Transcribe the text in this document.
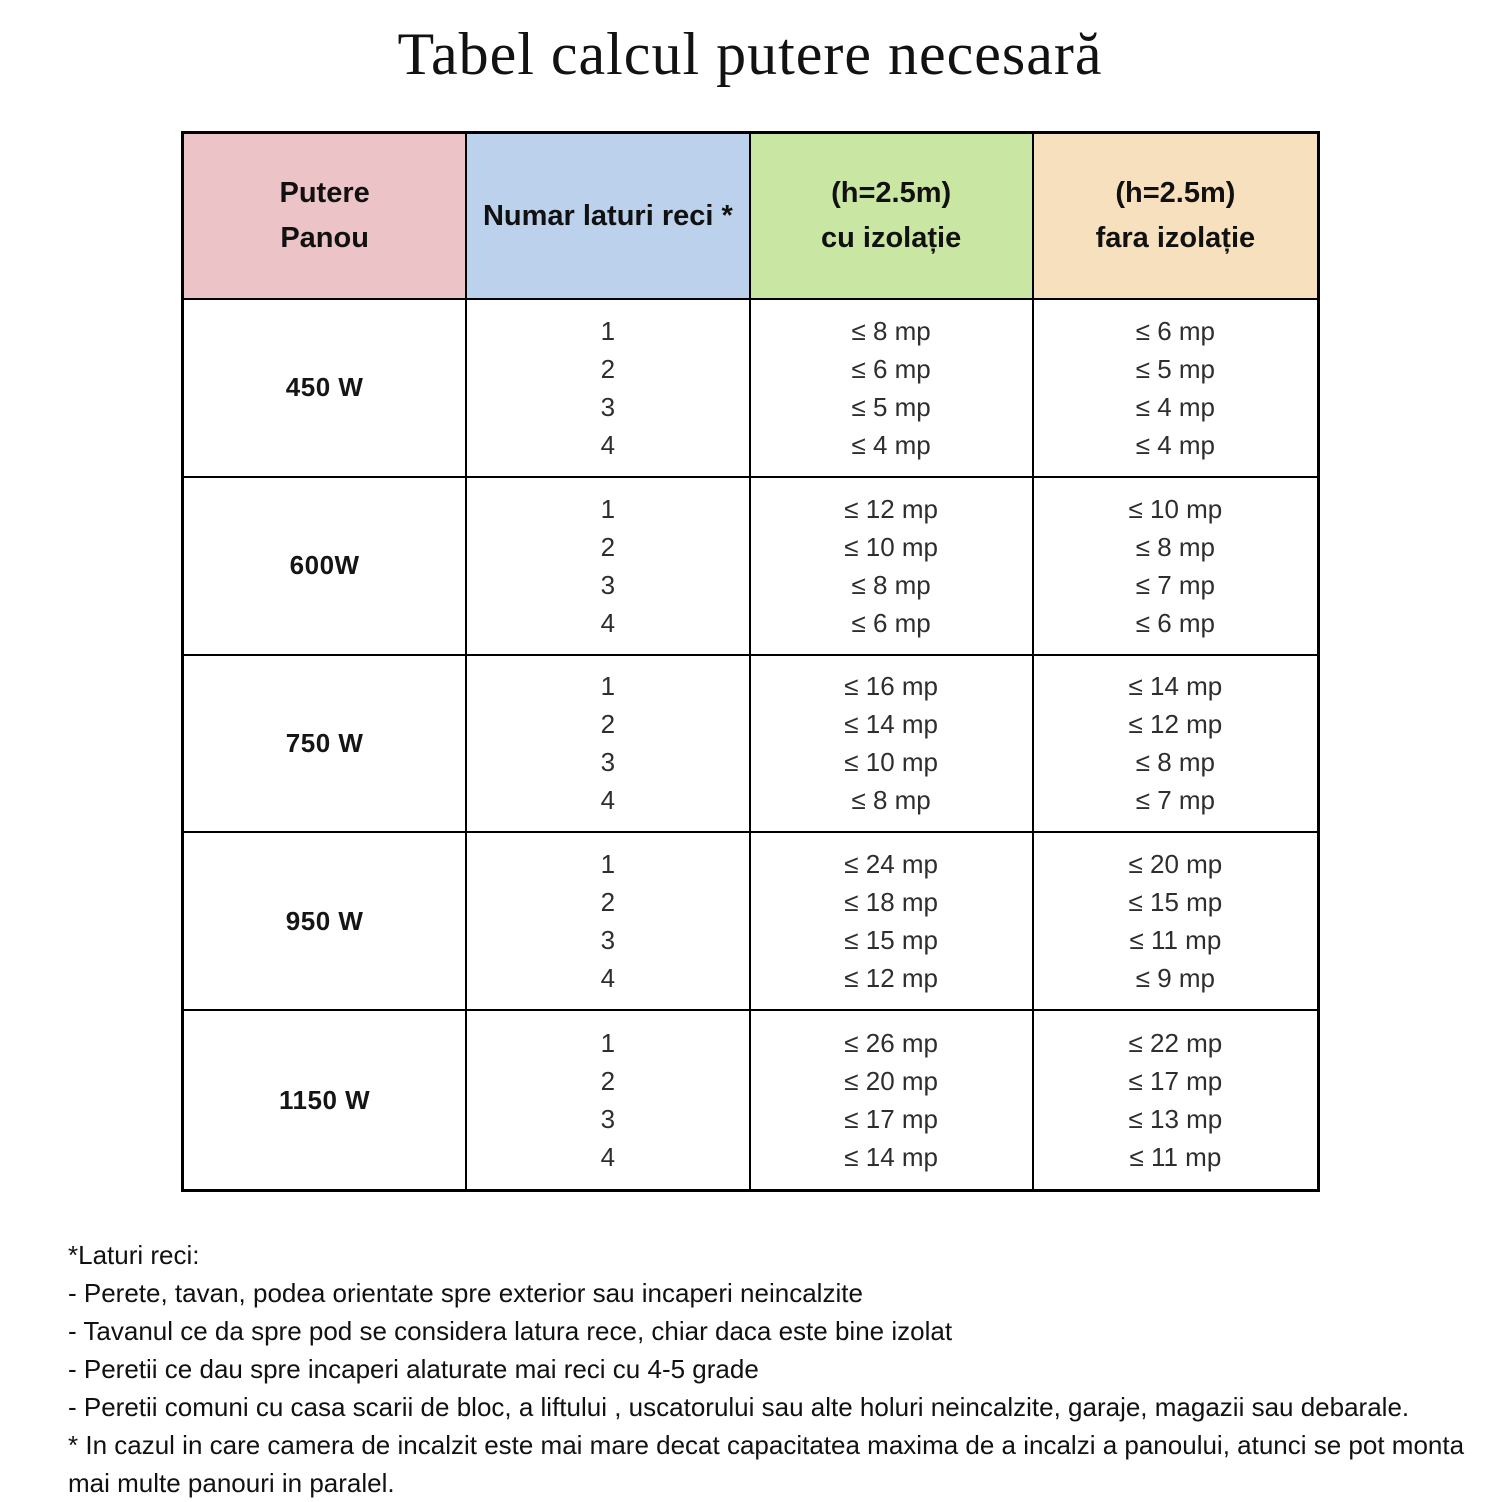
Tabel calcul putere necesară
Putere
Panou
Numar laturi reci *
(h=2.5m)
cu izolație
(h=2.5m)
fara izolație
450 W
1
2
3
4
≤ 8 mp
≤ 6 mp
≤ 5 mp
≤ 4 mp
≤ 6 mp
≤ 5 mp
≤ 4 mp
≤ 4 mp
600W
1
2
3
4
≤ 12 mp
≤ 10 mp
≤ 8 mp
≤ 6 mp
≤ 10 mp
≤ 8 mp
≤ 7 mp
≤ 6 mp
750 W
1
2
3
4
≤ 16 mp
≤ 14 mp
≤ 10 mp
≤ 8 mp
≤ 14 mp
≤ 12 mp
≤ 8 mp
≤ 7 mp
950 W
1
2
3
4
≤ 24 mp
≤ 18 mp
≤ 15 mp
≤ 12 mp
≤ 20 mp
≤ 15 mp
≤ 11 mp
≤ 9 mp
1150 W
1
2
3
4
≤ 26 mp
≤ 20 mp
≤ 17 mp
≤ 14 mp
≤ 22 mp
≤ 17 mp
≤ 13 mp
≤ 11 mp
*Laturi reci:
- Perete, tavan, podea orientate spre exterior sau incaperi neincalzite
- Tavanul ce da spre pod se considera latura rece, chiar daca este bine izolat
- Peretii ce dau spre incaperi alaturate mai reci cu 4-5 grade
- Peretii comuni cu casa scarii de bloc, a liftului , uscatorului sau alte holuri neincalzite, garaje, magazii sau debarale.
* In cazul in care camera de incalzit este mai mare decat capacitatea maxima de a incalzi a panoului, atunci se pot monta mai multe panouri in paralel.
